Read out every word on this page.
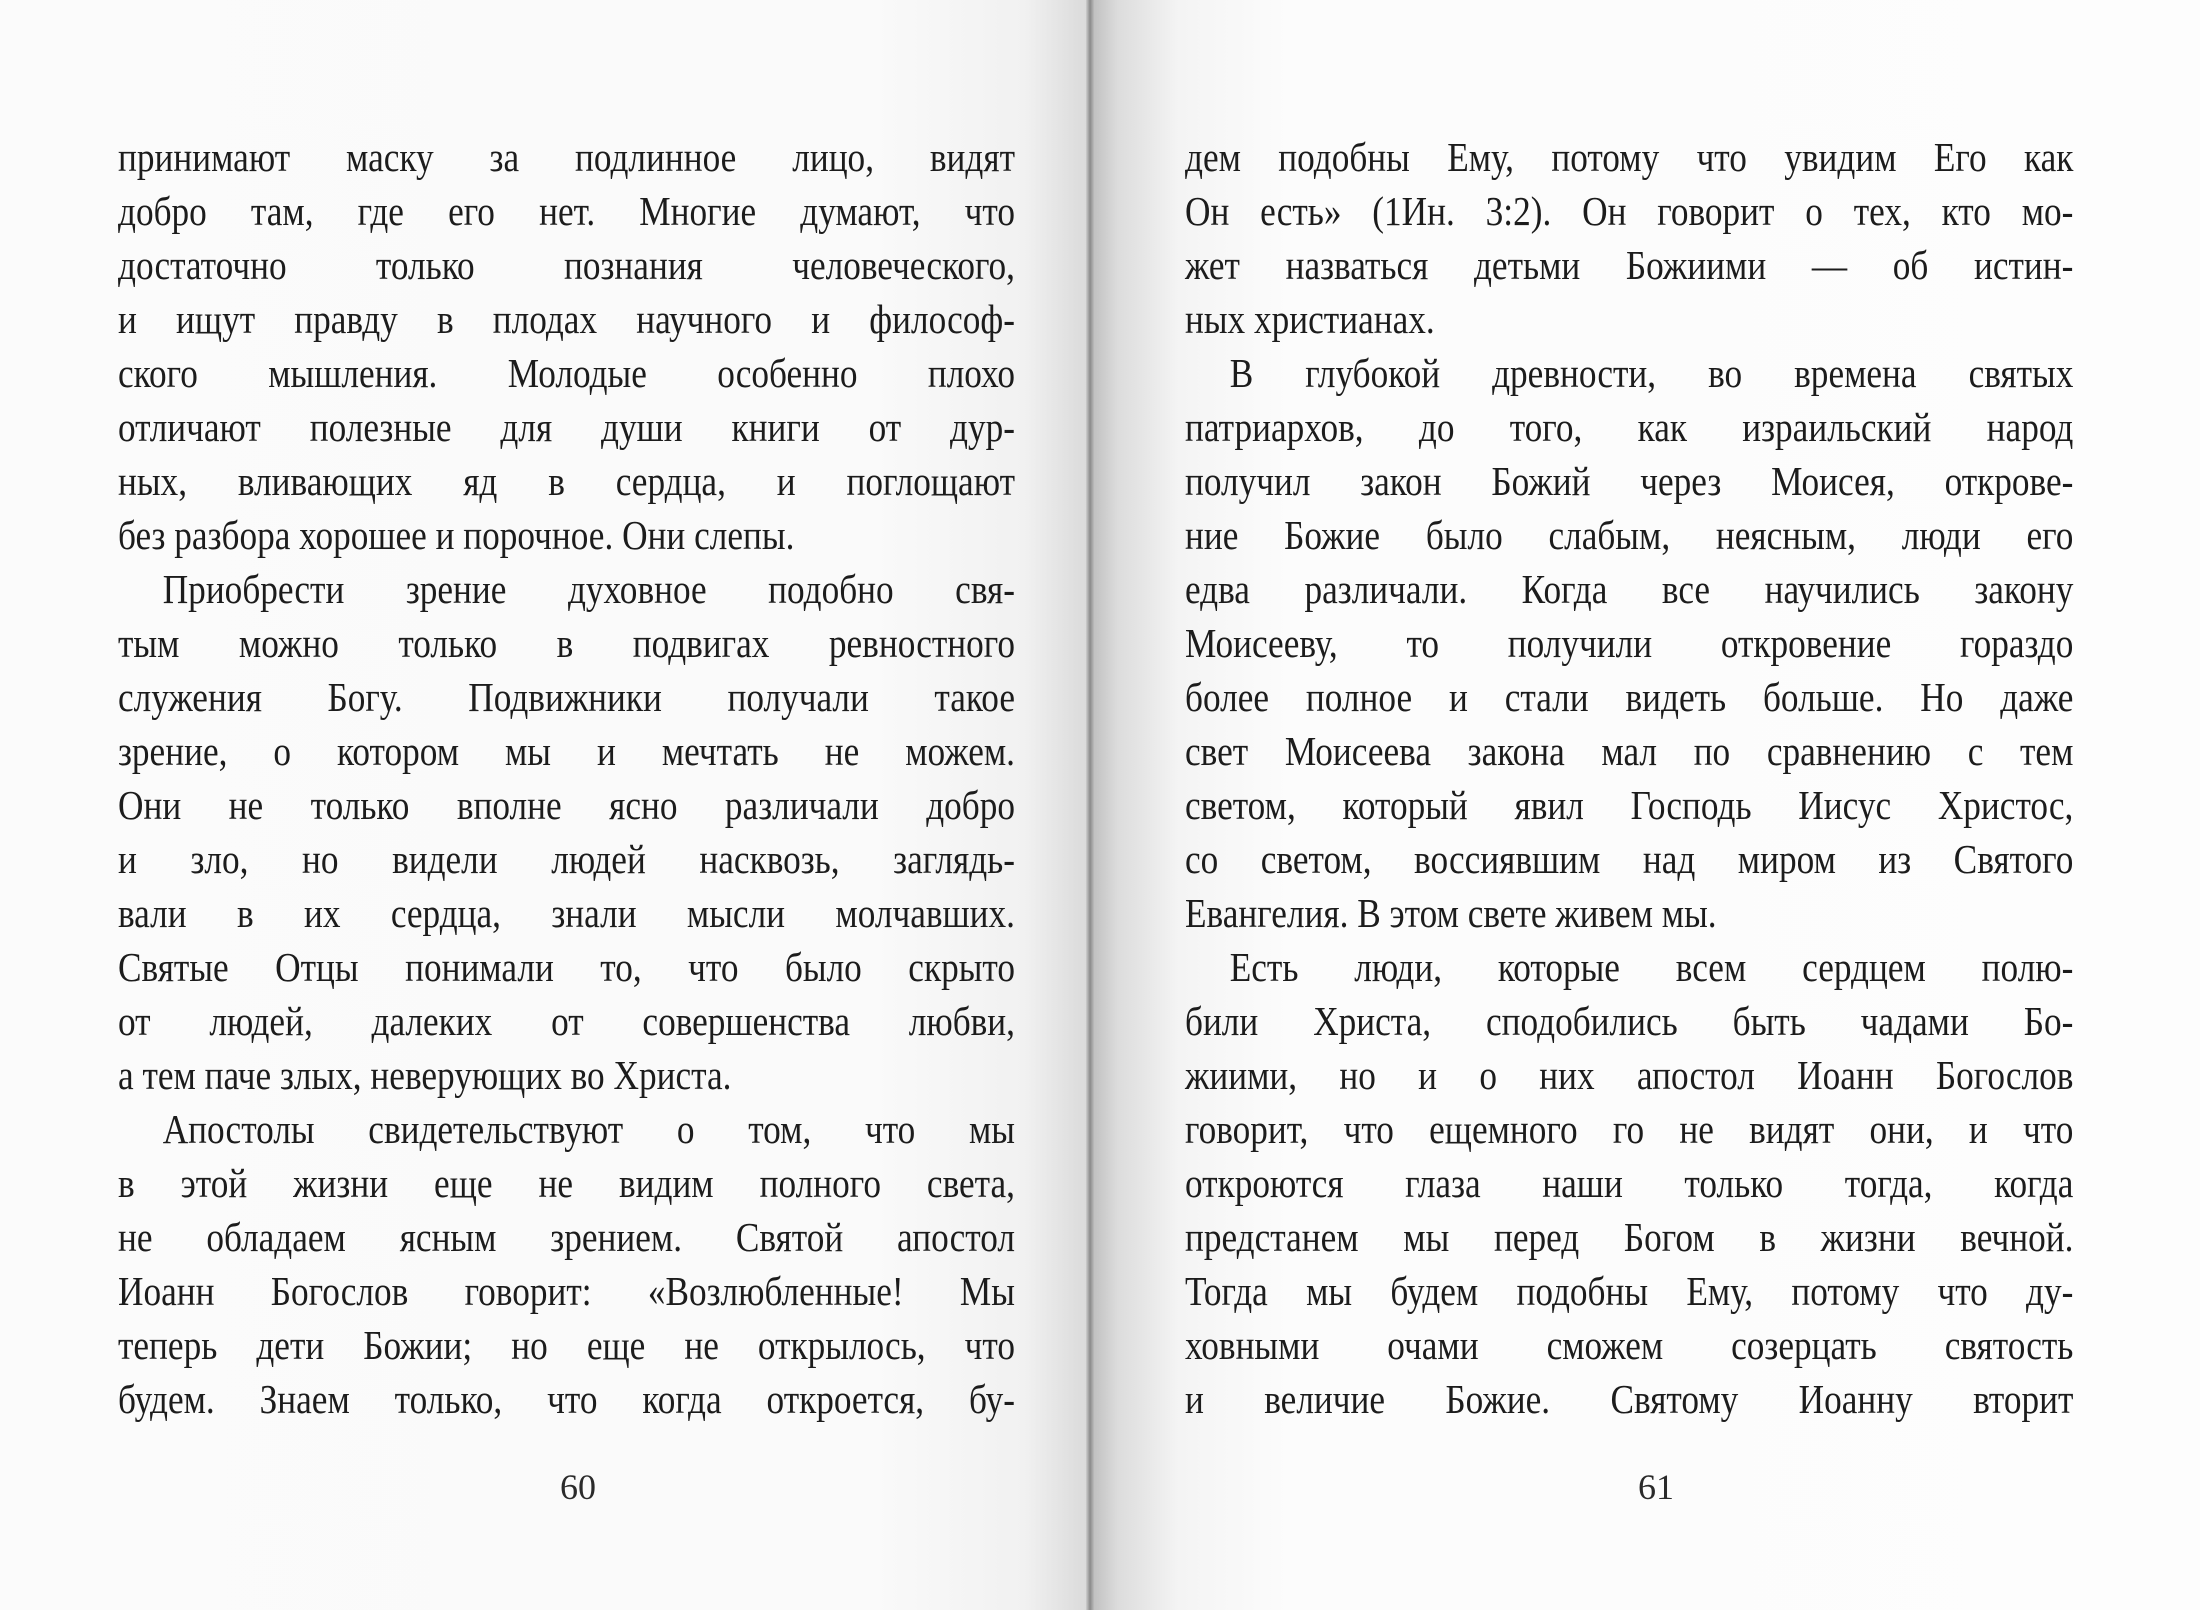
принимают маску за подлинное лицо, видят
добро там, где его нет. Многие думают, что
достаточно только познания человеческого,
и ищут правду в плодах научного и философ-
ского мышления. Молодые особенно плохо
отличают полезные для души книги от дур-
ных, вливающих яд в сердца, и поглощают
без разбора хорошее и порочное. Они слепы.
Приобрести зрение духовное подобно свя-
тым можно только в подвигах ревностного
служения Богу. Подвижники получали такое
зрение, о котором мы и мечтать не можем.
Они не только вполне ясно различали добро
и зло, но видели людей насквозь, заглядь-
вали в их сердца, знали мысли молчавших.
Святые Отцы понимали то, что было скрыто
от людей, далеких от совершенства любви,
а тем паче злых, неверующих во Христа.
Апостолы свидетельствуют о том, что мы
в этой жизни еще не видим полного света,
не обладаем ясным зрением. Святой апостол
Иоанн Богослов говорит: «Возлюбленные! Мы
теперь дети Божии; но еще не открылось, что
будем. Знаем только, что когда откроется, бу-
60
дем подобны Ему, потому что увидим Его как
Он есть» (1Ин. 3:2). Он говорит о тех, кто мо-
жет назваться детьми Божиими — об истин-
ных христианах.
В глубокой древности, во времена святых
патриархов, до того, как израильский народ
получил закон Божий через Моисея, открове-
ние Божие было слабым, неясным, люди его
едва различали. Когда все научились закону
Моисееву, то получили откровение гораздо
более полное и стали видеть больше. Но даже
свет Моисеева закона мал по сравнению с тем
светом, который явил Господь Иисус Христос,
со светом, воссиявшим над миром из Святого
Евангелия. В этом свете живем мы.
Есть люди, которые всем сердцем полю-
били Христа, сподобились быть чадами Бо-
жиими, но и о них апостол Иоанн Богослов
говорит, что ещемного го не видят они, и что
откроются глаза наши только тогда, когда
предстанем мы перед Богом в жизни вечной.
Тогда мы будем подобны Ему, потому что ду-
ховными очами сможем созерцать святость
и величие Божие. Святому Иоанну вторит
61
